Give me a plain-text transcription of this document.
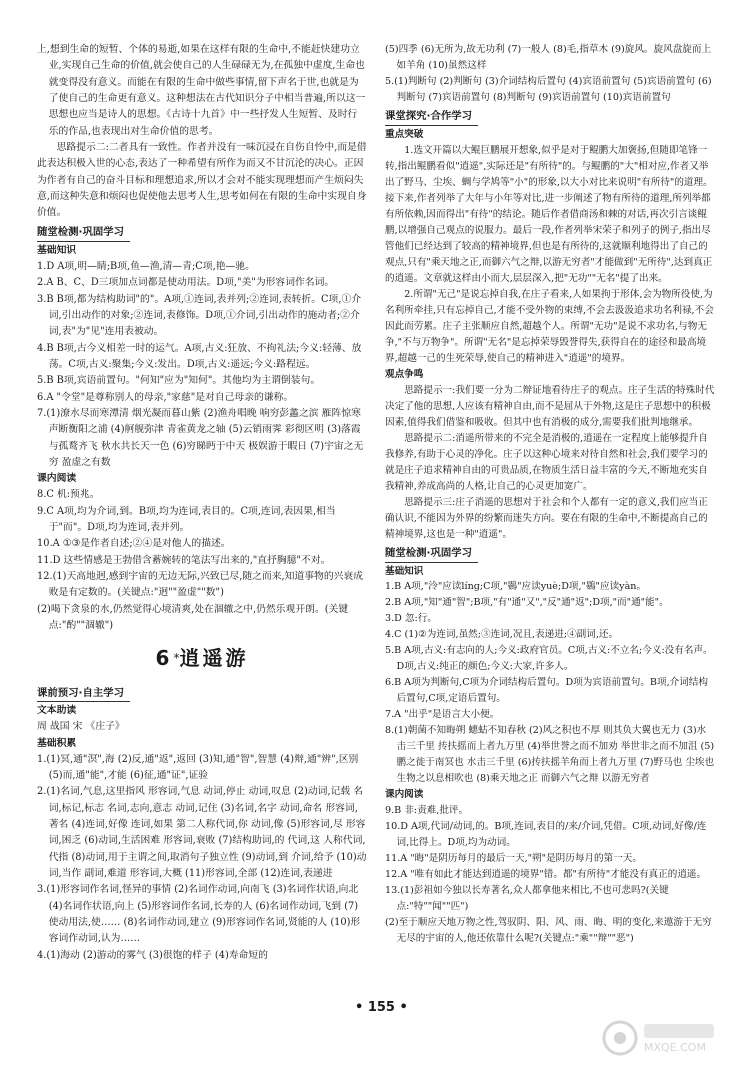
上,想到生命的短暂、个体的易逝,如果在这样有限的生命中,不能赶快建功立业,实现自己生命的价值,就会使自己的人生碌碌无为,在孤独中虚度,生命也就变得没有意义。而能在有限的生命中做些事情,留下声名于世,也就是为了使自己的生命更有意义。这种想法在古代知识分子中相当普遍,所以这一思想也应当是诗人的思想。《古诗十九首》中一些抒发人生短暂、及时行乐的作品,也表现出对生命价值的思考。

思路提示二:二者具有一致性。作者并没有一味沉浸在自伤自怜中,而是借此表达积极入世的心态,表达了一种希望有所作为而又不甘沉沦的决心。正因为作者有自己的奋斗目标和理想追求,所以才会对不能实现理想而产生烦闷失意,而这种失意和烦闷也促使他去思考人生,思考如何在有限的生命中实现自身价值。

随堂检测·巩固学习

基础知识

1.D A项,明—睛;B项,鱼—渔,清—青;C项,艳—驰。

2.A B、C、D三项加点词都是使动用法。D项,"美"为形容词作名词。

3.B B项,都为结构助词"的"。A项,①连词,表并列;②连词,表转折。C项,①介词,引出动作的对象;②连词,表修饰。D项,①介词,引出动作的施动者;②介词,表"为"见"连用表被动。

4.B B项,古今义相差一时的运气。A项,古义:狂放、不拘礼法;今义:轻薄、放荡。C项,古义:聚集;今义:发出。D项,古义:遥远;今义:路程远。

5.B B项,宾语前置句。"何知"应为"知何"。其他均为主谓倒装句。

6.A "令堂"是尊称别人的母亲,"家慈"是对自己母亲的谦称。

7.(1)潦水尽而寒潭清 烟光凝而暮山紫 (2)渔舟唱晚 响穷彭蠡之滨 雁阵惊寒 声断衡阳之浦 (4)舸舰弥津 青雀黄龙之轴 (5)云销雨霁 彩彻区明 (3)落霞与孤鹜齐飞 秋水共长天一色 (6)穷睇眄于中天 极娱游于暇日 (7)宇宙之无穷 盈虚之有数

课内阅读

8.C 机:预兆。

9.C A项,均为介词,到。B项,均为连词,表目的。C项,连词,表因果,相当于"而"。D项,均为连词,表并列。

10.A ①③是作者自述;②④是对他人的描述。

11.D 这些情感是王勃借含蓄婉转的笔法写出来的,"直抒胸臆"不对。

12.(1)天高地迥,感到宇宙的无边无际,兴致已尽,随之而来,知道事物的兴衰成败是有定数的。(关键点:"迥""盈虚""数")

(2)喝下贪泉的水,仍然觉得心境清爽,处在涸辙之中,仍然乐观开朗。(关键点:"酌""涸辙")

6*逍遥游
课前预习·自主学习

文本助读

周 战国 宋 《庄子》

基础积累

1.(1)冥,通"溟",海 (2)反,通"返",返回 (3)知,通"智",智慧 (4)辩,通"辨",区别 (5)而,通"能",才能 (6)征,通"证",证验

2.(1)名词,气息,这里指风 形容词,气息 动词,停止 动词,叹息 (2)动词,记载 名词,标记,标志 名词,志向,意志 动词,记住 (3)名词,名字 动词,命名 形容词,著名 (4)连词,好像 连词,如果 第二人称代词,你 动词,像 (5)形容词,尽 形容词,困乏 (6)动词,生活困难 形容词,衰败 (7)结构助词,的 代词,这 人称代词,代指 (8)动词,用于主谓之间,取消句子独立性 (9)动词,到 介词,给予 (10)动词,当作 副词,难道 形容词,大概 (11)形容词,全部 (12)连词,表递进

3.(1)形容词作名词,怪异的事情 (2)名词作动词,向南飞 (3)名词作状语,向北 (4)名词作状语,向上 (5)形容词作名词,长寿的人 (6)名词作动词,飞到 (7)使动用法,使…… (8)名词作动词,建立 (9)形容词作名词,贤能的人 (10)形容词作动词,认为……

4.(1)海动 (2)游动的雾气 (3)很饱的样子 (4)寿命短的

(5)四季 (6)无所为,故无功利 (7)一般人 (8)毛,指草木 (9)旋风。旋风盘旋而上如羊角 (10)虽然这样

5.(1)判断句 (2)判断句 (3)介词结构后置句 (4)宾语前置句 (5)宾语前置句 (6)判断句 (7)宾语前置句 (8)判断句 (9)宾语前置句 (10)宾语前置句

课堂探究·合作学习

重点突破

1.选文开篇以大鲲巨鹏展开想象,似乎是对于鲲鹏大加褒扬,但随即笔锋一转,指出鲲鹏看似"逍遥",实际还是"有所待"的。与鲲鹏的"大"相对应,作者又举出了野马、尘埃、蜩与学鸠等"小"的形象,以大小对比来说明"有所待"的道理。接下来,作者列举了大年与小年等对比,进一步阐述了物有所待的道理,所列举都有所依赖,因而得出"有待"的结论。随后作者借商汤和棘的对话,再次引言谈鲲鹏,以增强自己观点的说服力。最后一段,作者列举宋荣子和列子的例子,指出尽管他们已经达到了较高的精神境界,但也是有所待的,这就顺利地得出了自己的观点,只有"乘天地之正,而御六气之辩,以游无穷者"才能做到"无所待",达到真正的逍遥。文章就这样由小而大,层层深入,把"无功""无名"提了出来。

2.所谓"无己"是说忘掉自我,在庄子看来,人如果拘于形体,会为物所役使,为名利所牵挂,只有忘掉自己,才能不受外物的束缚,不会去汲汲追求功名利禄,不会因此而劳累。庄子主张顺应自然,超越个人。所谓"无功"是说不求功名,与物无争,"不与万物争"。所谓"无名"是忘掉荣辱毁誉得失,获得自在的途径和最高境界,超越一己的生死荣辱,使自己的精神进入"逍遥"的境界。

观点争鸣

思路提示一:我们要一分为二辩证地看待庄子的观点。庄子生活的特殊时代决定了他的思想,人应该有精神自由,而不是屈从于外物,这是庄子思想中的积极因素,值得我们借鉴和吸收。但其中也有消极的成分,需要我们批判地继承。

思路提示二:消遥所带来的不完全是消极的,逍遥在一定程度上能够提升自我修养,有助于心灵的净化。庄子以这种心境来对待自然和社会,我们要学习的就是庄子追求精神自由的可贵品质,在物质生活日益丰富的今天,不断地充实自我精神,养成高尚的人格,让自己的心灵更加宽广。

思路提示三:庄子消遥的思想对于社会和个人都有一定的意义,我们应当正确认识,不能因为外界的纷繁而迷失方向。要在有限的生命中,不断提高自己的精神境界,这也是一种"逍遥"。

随堂检测·巩固学习

基础知识

1.B A项,"泠"应读líng;C项,"鷃"应读yuè;D项,"鷃"应读yàn。

2.B A项,"知"通"智";B项,"有"通"又","反"通"返";D项,"而"通"能"。

3.D 忽:行。

4.C (1)②为连词,虽然;③连词,况且,表递进;④副词,还。

5.B A项,古义:有志向的人;今义:政府官员。C项,古义:不立名;今义:没有名声。D项,古义:纯正的颜色;今义:大家,许多人。

6.B A项为判断句,C项为介词结构后置句。D项为宾语前置句。B项,介词结构后置句,C项,定语后置句。

7.A "出乎"是语言大小便。

8.(1)朝菌不知晦朔 蟪蛄不知春秋 (2)风之积也不厚 则其负大翼也无力 (3)水击三千里 抟扶摇而上者九万里 (4)举世誉之而不加劝 举世非之而不加沮 (5)鹏之徙于南冥也 水击三千里 (6)抟扶摇羊角而上者九万里 (7)野马也 尘埃也 生物之以息相吹也 (8)乘天地之正 而御六气之辩 以游无穷者

课内阅读

9.B 非:责难,批评。

10.D A项,代词/动词,的。B项,连词,表目的/来/介词,凭借。C项,动词,好像/连词,比得上。D项,均为动词。

11.A "晦"是阴历每月的最后一天,"朔"是阴历每月的第一天。

12.A "唯有如此才能达到逍遥的境界"错。都"有所待"才能没有真正的逍遥。

13.(1)彭祖如今独以长寿著名,众人都拿他来相比,不也可悲吗?(关键点:"特""闻""匹")

(2)至于顺应天地万物之性,驾驭阴、阳、风、雨、晦、明的变化,来遨游于无穷无尽的宇宙的人,他还依靠什么呢?(关键点:"乘""辩""恶")

• 155 •
MXQE.COM
